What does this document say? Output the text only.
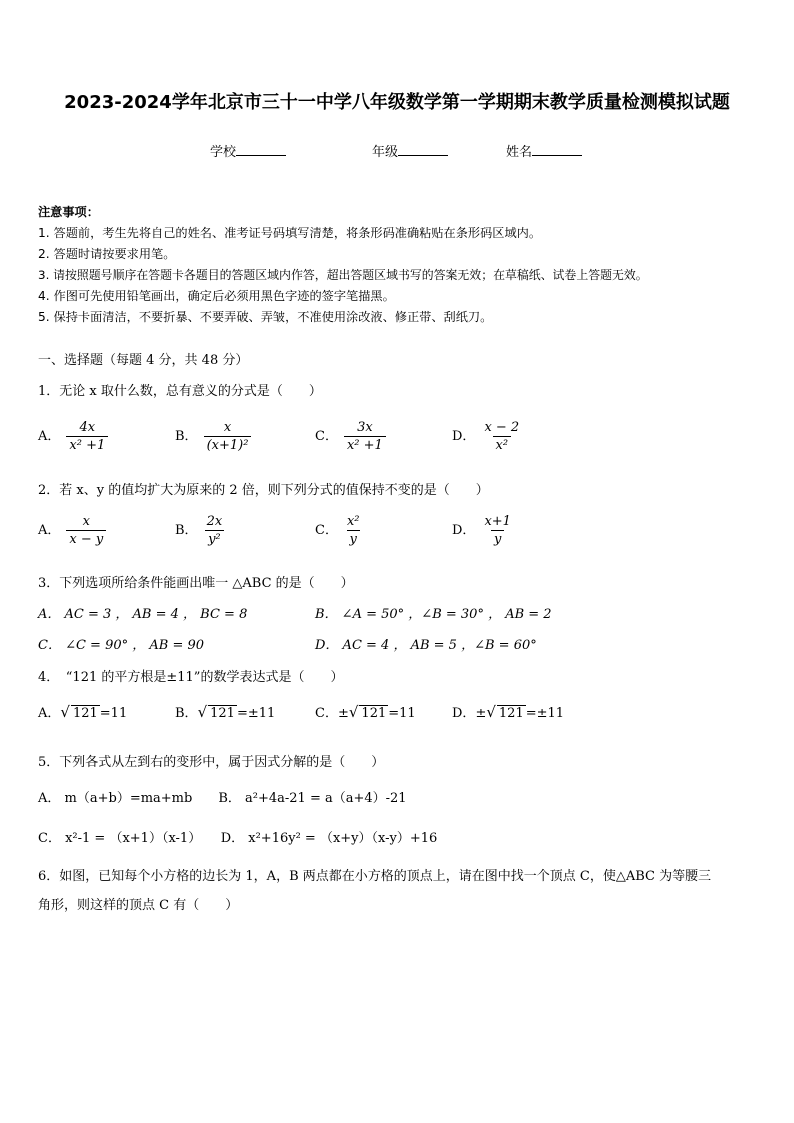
2023-2024学年北京市三十一中学八年级数学第一学期期末教学质量检测模拟试题
学校	年级	姓名
注意事项：
1. 答题前，考生先将自己的姓名、准考证号码填写清楚，将条形码准确粘贴在条形码区域内。
2. 答题时请按要求用笔。
3. 请按照题号顺序在答题卡各题目的答题区域内作答，超出答题区域书写的答案无效；在草稿纸、试卷上答题无效。
4. 作图可先使用铅笔画出，确定后必须用黑色字迹的签字笔描黑。
5. 保持卡面清洁，不要折暴、不要弄破、弄皱，不准使用涂改液、修正带、刮纸刀。
一、选择题（每题 4 分，共 48 分）
1．无论 x 取什么数，总有意义的分式是（　　）
A． $\frac{4x}{\text{x² +1}}$	B． $\frac{x}{\text{(x+1)²}}$	C． $\frac{3x}{\text{x² +1}}$	D． $\frac{x - 2}{\text{x²}}$
2．若 x、y 的值均扩大为原来的 2 倍，则下列分式的值保持不变的是（　　）
A． $\frac{x}{x - y}$	B． $\frac{2x}{\text{y²}}$	C． $\frac{\text{x²}}{y}$	D． $\frac{x+1}{y}$
3．下列选项所给条件能画出唯一 △ABC 的是（　　）
A． AC = 3 ， AB = 4 ， BC = 8	B． ∠A = 50° ，∠B = 30° ， AB = 2
C． ∠C = 90° ， AB = 90	D． AC = 4 ， AB = 5 ，∠B = 60°
4．　“121 的平方根是±11”的数学表达式是（　　）
A．√ 121 =11	B．√ 121 =±11	C．±√ 121 =11	D．±√ 121 =±11
5．下列各式从左到右的变形中，属于因式分解的是（　　）
A． m（a+b）=ma+mb　　B． a²+4a-21 = a（a+4）-21
C． x²-1 = （x+1）（x-1）　　D． x²+16y² = （x+y）（x-y）+16
6．如图，已知每个小方格的边长为 1，A，B 两点都在小方格的顶点上，请在图中找一个顶点 C，使△ABC 为等腰三
角形，则这样的顶点 C 有（　　）
